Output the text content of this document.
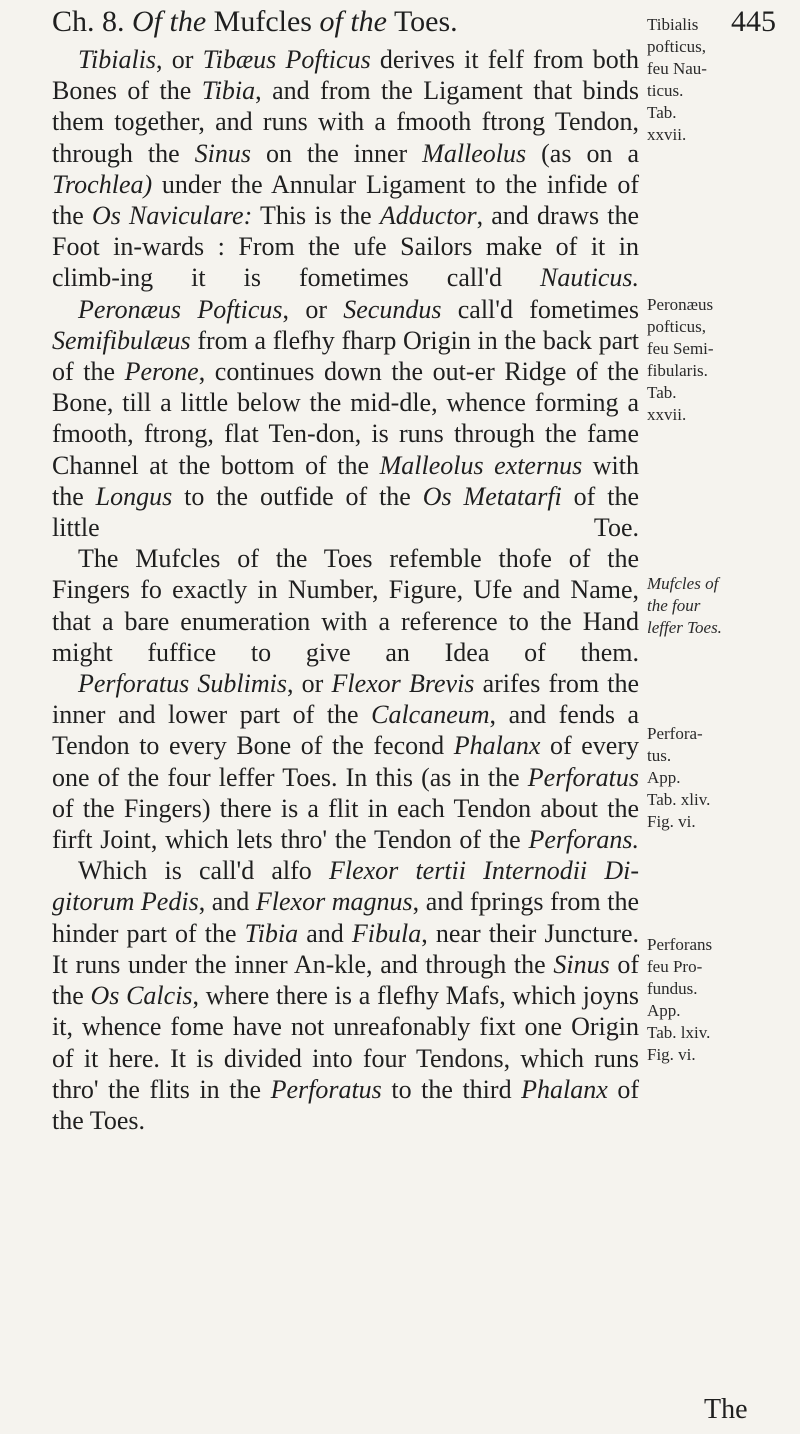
Ch. 8. Of the Mufcles of the Toes.	445
Tibialis, or Tibæus Pofticus derives it felf from both Bones of the Tibia, and from the Ligament that binds them together, and runs with a fmooth ftrong Tendon, through the Sinus on the inner Malleolus (as on a Trochlea) under the Annular Ligament to the infide of the Os Naviculare: This is the Adductor, and draws the Foot in-wards : From the ufe Sailors make of it in climb-ing it is fometimes call'd Nauticus.
Peronæus Pofticus, or Secundus call'd fometimes Semifibulæus from a flefhy fharp Origin in the back part of the Perone, continues down the out-er Ridge of the Bone, till a little below the mid-dle, whence forming a fmooth, ftrong, flat Ten-don, is runs through the fame Channel at the bottom of the Malleolus externus with the Longus to the outfide of the Os Metatarfi of the little Toe.
The Mufcles of the Toes refemble thofe of the Fingers fo exactly in Number, Figure, Ufe and Name, that a bare enumeration with a reference to the Hand might fuffice to give an Idea of them.
Perforatus Sublimis, or Flexor Brevis arifes from the inner and lower part of the Calcaneum, and fends a Tendon to every Bone of the fecond Phalanx of every one of the four leffer Toes. In this (as in the Perforatus of the Fingers) there is a flit in each Tendon about the firft Joint, which lets thro' the Tendon of the Perforans.
Which is call'd alfo Flexor tertii Internodii Di-gitorum Pedis, and Flexor magnus, and fprings from the hinder part of the Tibia and Fibula, near their Juncture. It runs under the inner An-kle, and through the Sinus of the Os Calcis, where there is a flefhy Mafs, which joyns it, whence fome have not unreafonably fixt one Origin of it here. It is divided into four Tendons, which runs thro' the flits in the Perforatus to the third Phalanx of the Toes.
Tibialis
pofticus,
feu Nau-
ticus.
Tab.
xxvii.
Peronæus
pofticus,
feu Semi-
fibularis.
Tab.
xxvii.
Mufcles of
the four
leffer Toes.
Perfora-
tus.
App.
Tab. xliv.
Fig. vi.
Perforans
feu Pro-
fundus.
App.
Tab. lxiv.
Fig. vi.
The
